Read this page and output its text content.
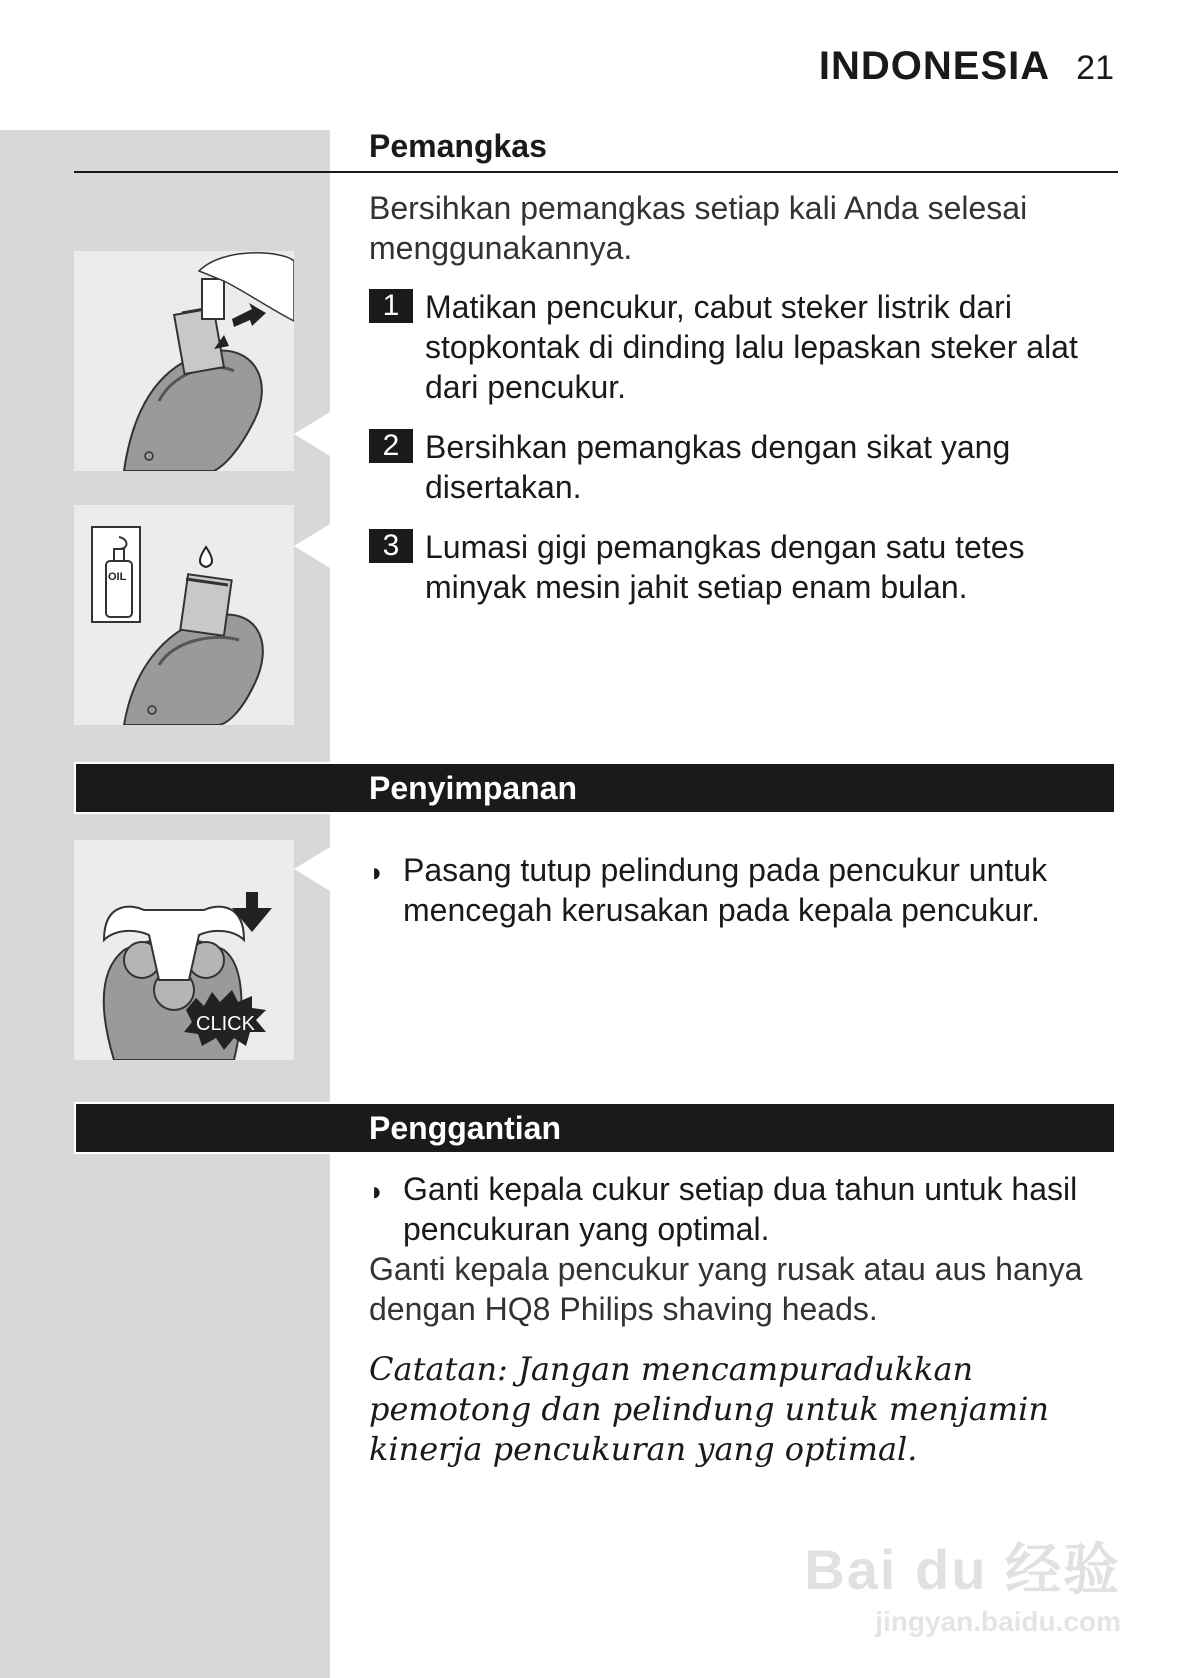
INDONESIA 21
Pemangkas
Bersihkan pemangkas setiap kali Anda selesai menggunakannya.
1 Matikan pencukur, cabut steker listrik dari stopkontak di dinding lalu lepaskan steker alat dari pencukur.
2 Bersihkan pemangkas dengan sikat yang disertakan.
3 Lumasi gigi pemangkas dengan satu tetes minyak mesin jahit setiap enam bulan.
OIL
Penyimpanan
CLICK
◗ Pasang tutup pelindung pada pencukur untuk mencegah kerusakan pada kepala pencukur.
Penggantian
◗ Ganti kepala cukur setiap dua tahun untuk hasil pencukuran yang optimal.
Ganti kepala pencukur yang rusak atau aus hanya dengan HQ8 Philips shaving heads.
Catatan: Jangan mencampuradukkan pemotong dan pelindung untuk menjamin kinerja pencukuran yang optimal.
Bai du 经验
jingyan.baidu.com
